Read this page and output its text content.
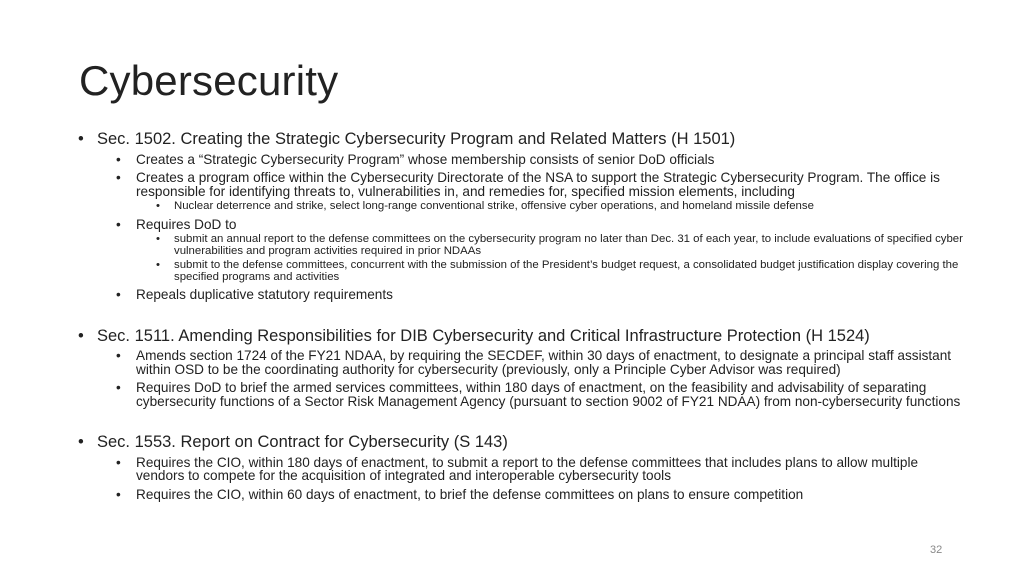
Cybersecurity
• Sec. 1502. Creating the Strategic Cybersecurity Program and Related Matters (H 1501)
• Creates a “Strategic Cybersecurity Program” whose membership consists of senior DoD officials
• Creates a program office within the Cybersecurity Directorate of the NSA to support the Strategic Cybersecurity Program. The office is responsible for identifying threats to, vulnerabilities in, and remedies for, specified mission elements, including
• Nuclear deterrence and strike, select long-range conventional strike, offensive cyber operations, and homeland missile defense
• Requires DoD to
• submit an annual report to the defense committees on the cybersecurity program no later than Dec. 31 of each year, to include evaluations of specified cyber vulnerabilities and program activities required in prior NDAAs
• submit to the defense committees, concurrent with the submission of the President’s budget request, a consolidated budget justification display covering the specified programs and activities
• Repeals duplicative statutory requirements
• Sec. 1511. Amending Responsibilities for DIB Cybersecurity and Critical Infrastructure Protection (H 1524)
• Amends section 1724 of the FY21 NDAA, by requiring the SECDEF, within 30 days of enactment, to designate a principal staff assistant within OSD to be the coordinating authority for cybersecurity (previously, only a Principle Cyber Advisor was required)
• Requires DoD to brief the armed services committees, within 180 days of enactment, on the feasibility and advisability of separating cybersecurity functions of a Sector Risk Management Agency (pursuant to section 9002 of FY21 NDAA) from non-cybersecurity functions
• Sec. 1553. Report on Contract for Cybersecurity (S 143)
• Requires the CIO, within 180 days of enactment, to submit a report to the defense committees that includes plans to allow multiple vendors to compete for the acquisition of integrated and interoperable cybersecurity tools
• Requires the CIO, within 60 days of enactment, to brief the defense committees on plans to ensure competition
32
